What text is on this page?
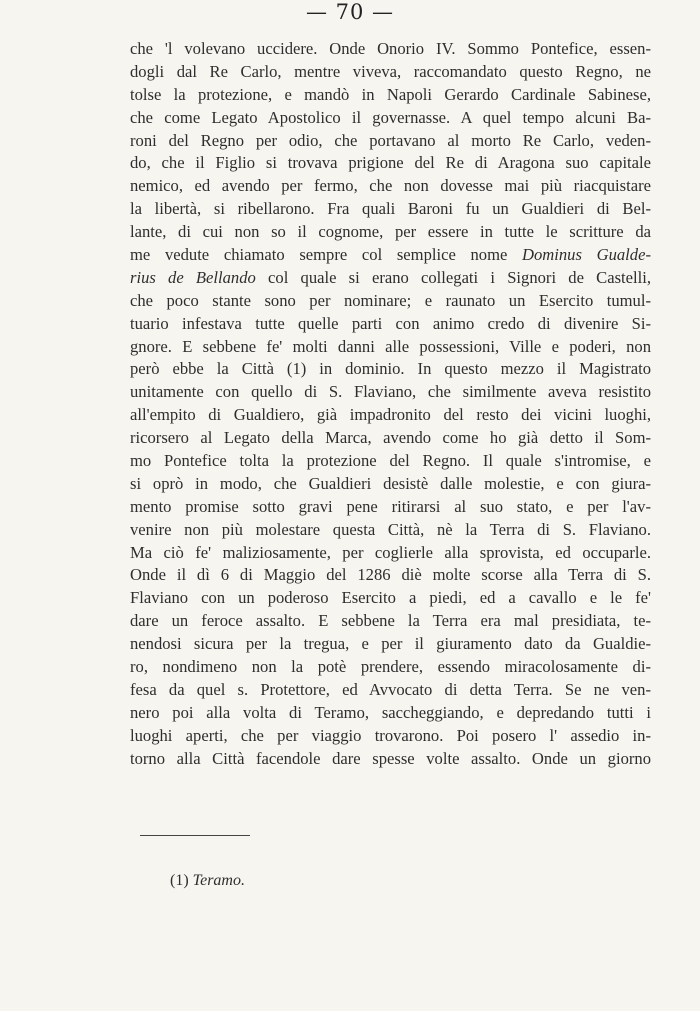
— 70 —
che 'l volevano uccidere. Onde Onorio IV. Sommo Pontefice, essen-
dogli dal Re Carlo, mentre viveva, raccomandato questo Regno, ne
tolse la protezione, e mandò in Napoli Gerardo Cardinale Sabinese,
che come Legato Apostolico il governasse. A quel tempo alcuni Ba-
roni del Regno per odio, che portavano al morto Re Carlo, veden-
do, che il Figlio si trovava prigione del Re di Aragona suo capitale
nemico, ed avendo per fermo, che non dovesse mai più riacquistare
la libertà, si ribellarono. Fra quali Baroni fu un Gualdieri di Bel-
lante, di cui non so il cognome, per essere in tutte le scritture da
me vedute chiamato sempre col semplice nome Dominus Gualde-
rius de Bellando col quale si erano collegati i Signori de Castelli,
che poco stante sono per nominare; e raunato un Esercito tumul-
tuario infestava tutte quelle parti con animo credo di divenire Si-
gnore. E sebbene fe' molti danni alle possessioni, Ville e poderi, non
però ebbe la Città (1) in dominio. In questo mezzo il Magistrato
unitamente con quello di S. Flaviano, che similmente aveva resistito
all'empito di Gualdiero, già impadronito del resto dei vicini luoghi,
ricorsero al Legato della Marca, avendo come ho già detto il Som-
mo Pontefice tolta la protezione del Regno. Il quale s'intromise, e
si oprò in modo, che Gualdieri desistè dalle molestie, e con giura-
mento promise sotto gravi pene ritirarsi al suo stato, e per l'av-
venire non più molestare questa Città, nè la Terra di S. Flaviano.
Ma ciò fe' maliziosamente, per coglierle alla sprovista, ed occuparle.
Onde il dì 6 di Maggio del 1286 diè molte scorse alla Terra di S.
Flaviano con un poderoso Esercito a piedi, ed a cavallo e le fe'
dare un feroce assalto. E sebbene la Terra era mal presidiata, te-
nendosi sicura per la tregua, e per il giuramento dato da Gualdie-
ro, nondimeno non la potè prendere, essendo miracolosamente di-
fesa da quel s. Protettore, ed Avvocato di detta Terra. Se ne ven-
nero poi alla volta di Teramo, saccheggiando, e depredando tutti i
luoghi aperti, che per viaggio trovarono. Poi posero l' assedio in-
torno alla Città facendole dare spesse volte assalto. Onde un giorno
(1) Teramo.
